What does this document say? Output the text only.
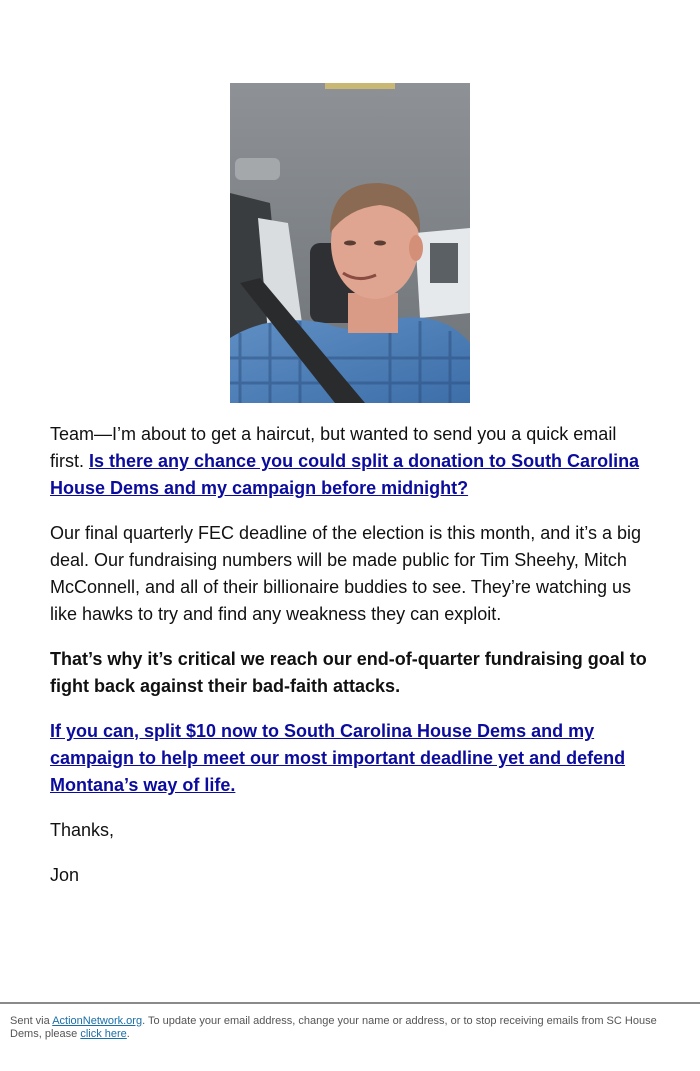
Team—I’m about to get a haircut, but wanted to send you a quick email first. Is there any chance you could split a donation to South Carolina House Dems and my campaign before midnight?

Our final quarterly FEC deadline of the election is this month, and it’s a big deal. Our fundraising numbers will be made public for Tim Sheehy, Mitch McConnell, and all of their billionaire buddies to see. They’re watching us like hawks to try and find any weakness they can exploit.

That’s why it’s critical we reach our end-of-quarter fundraising goal to fight back against their bad-faith attacks.

If you can, split $10 now to South Carolina House Dems and my campaign to help meet our most important deadline yet and defend Montana’s way of life.

Thanks,

Jon

Sent via ActionNetwork.org. To update your email address, change your name or address, or to stop receiving emails from SC House Dems, please click here.
